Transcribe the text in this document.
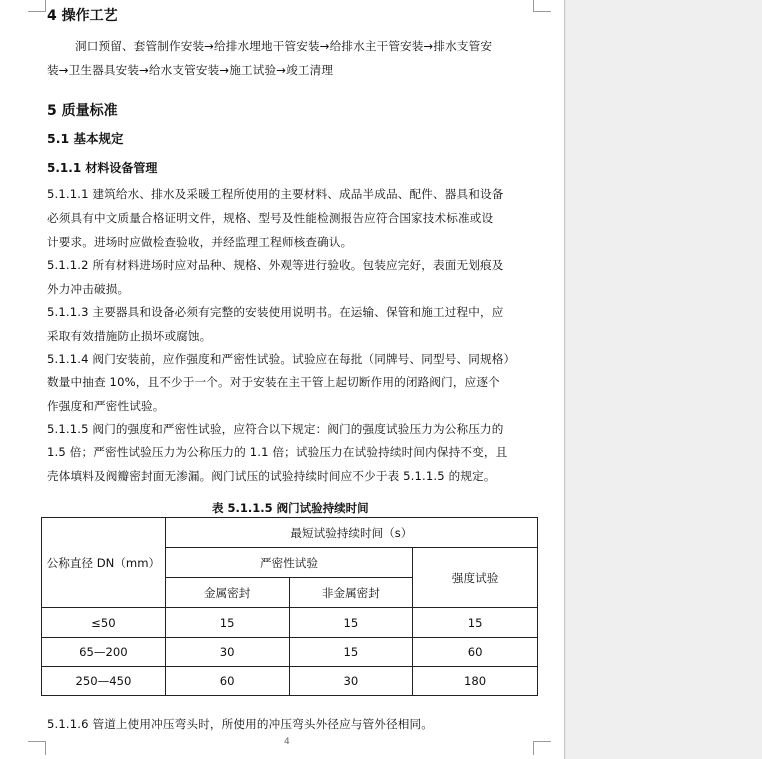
4 操作工艺
洞口预留、套管制作安装→给排水埋地干管安装→给排水主干管安装→排水支管安
装→卫生器具安装→给水支管安装→施工试验→竣工清理
5 质量标准
5.1 基本规定
5.1.1 材料设备管理
5.1.1.1 建筑给水、排水及采暖工程所使用的主要材料、成品半成品、配件、器具和设备
必须具有中文质量合格证明文件，规格、型号及性能检测报告应符合国家技术标准或设
计要求。进场时应做检查验收，并经监理工程师核查确认。
5.1.1.2 所有材料进场时应对品种、规格、外观等进行验收。包装应完好，表面无划痕及
外力冲击破损。
5.1.1.3 主要器具和设备必须有完整的安装使用说明书。在运输、保管和施工过程中，应
采取有效措施防止损坏或腐蚀。
5.1.1.4 阀门安装前，应作强度和严密性试验。试验应在每批（同牌号、同型号、同规格）
数量中抽查 10%，且不少于一个。对于安装在主干管上起切断作用的闭路阀门，应逐个
作强度和严密性试验。
5.1.1.5 阀门的强度和严密性试验，应符合以下规定：阀门的强度试验压力为公称压力的
1.5 倍；严密性试验压力为公称压力的 1.1 倍；试验压力在试验持续时间内保持不变，且
壳体填料及阀瓣密封面无渗漏。阀门试压的试验持续时间应不少于表 5.1.1.5 的规定。
表 5.1.1.5 阀门试验持续时间
公称直径 DN（mm）	最短试验持续时间（s）		
	严密性试验		强度试验
	金属密封	非金属密封	
≤50	15	15	15
65—200	30	15	60
250—450	60	30	180
5.1.1.6 管道上使用冲压弯头时，所使用的冲压弯头外径应与管外径相同。
4
